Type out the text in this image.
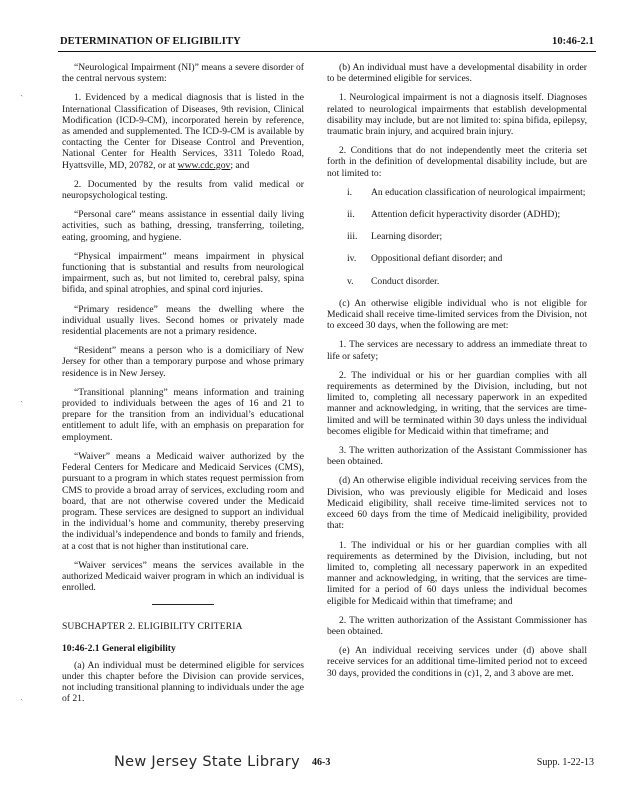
DETERMINATION OF ELIGIBILITY	10:46-2.1
ˏ
ˏ
ˏ

“Neurological Impairment (NI)” means a severe disorder of the central nervous system:

1. Evidenced by a medical diagnosis that is listed in the International Classification of Diseases, 9th revision, Clinical Modification (ICD-9-CM), incorporated herein by reference, as amended and supplemented. The ICD-9-CM is available by contacting the Center for Disease Control and Prevention, National Center for Health Services, 3311 Toledo Road, Hyattsville, MD, 20782, or at www.cdc.gov; and

2. Documented by the results from valid medical or neuropsychological testing.

“Personal care” means assistance in essential daily living activities, such as bathing, dressing, transferring, toileting, eating, grooming, and hygiene.

“Physical impairment” means impairment in physical functioning that is substantial and results from neurological impairment, such as, but not limited to, cerebral palsy, spina bifida, and spinal atrophies, and spinal cord injuries.

“Primary residence” means the dwelling where the individual usually lives. Second homes or privately made residential placements are not a primary residence.

“Resident” means a person who is a domiciliary of New Jersey for other than a temporary purpose and whose primary residence is in New Jersey.

“Transitional planning” means information and training provided to individuals between the ages of 16 and 21 to prepare for the transition from an individual’s educational entitlement to adult life, with an emphasis on preparation for employment.

“Waiver” means a Medicaid waiver authorized by the Federal Centers for Medicare and Medicaid Services (CMS), pursuant to a program in which states request permission from CMS to provide a broad array of services, excluding room and board, that are not otherwise covered under the Medicaid program. These services are designed to support an individual in the individual’s home and community, thereby preserving the individual’s independence and bonds to family and friends, at a cost that is not higher than institutional care.

“Waiver services” means the services available in the authorized Medicaid waiver program in which an individual is enrolled.

SUBCHAPTER 2. ELIGIBILITY CRITERIA

10:46-2.1 General eligibility

(a) An individual must be determined eligible for services under this chapter before the Division can provide services, not including transitional planning to individuals under the age of 21.

(b) An individual must have a developmental disability in order to be determined eligible for services.

1. Neurological impairment is not a diagnosis itself. Diagnoses related to neurological impairments that establish developmental disability may include, but are not limited to: spina bifida, epilepsy, traumatic brain injury, and acquired brain injury.

2. Conditions that do not independently meet the criteria set forth in the definition of developmental disability include, but are not limited to:

i. An education classification of neurological impairment;

ii. Attention deficit hyperactivity disorder (ADHD);

iii. Learning disorder;

iv. Oppositional defiant disorder; and

v. Conduct disorder.

(c) An otherwise eligible individual who is not eligible for Medicaid shall receive time-limited services from the Division, not to exceed 30 days, when the following are met:

1. The services are necessary to address an immediate threat to life or safety;

2. The individual or his or her guardian complies with all requirements as determined by the Division, including, but not limited to, completing all necessary paperwork in an expedited manner and acknowledging, in writing, that the services are time-limited and will be terminated within 30 days unless the individual becomes eligible for Medicaid within that timeframe; and

3. The written authorization of the Assistant Commissioner has been obtained.

(d) An otherwise eligible individual receiving services from the Division, who was previously eligible for Medicaid and loses Medicaid eligibility, shall receive time-limited services not to exceed 60 days from the time of Medicaid ineligibility, provided that:

1. The individual or his or her guardian complies with all requirements as determined by the Division, including, but not limited to, completing all necessary paperwork in an expedited manner and acknowledging, in writing, that the services are time-limited for a period of 60 days unless the individual becomes eligible for Medicaid within that timeframe; and

2. The written authorization of the Assistant Commissioner has been obtained.

(e) An individual receiving services under (d) above shall receive services for an additional time-limited period not to exceed 30 days, provided the conditions in (c)1, 2, and 3 above are met.

New Jersey State Library 46-3	Supp. 1-22-13
